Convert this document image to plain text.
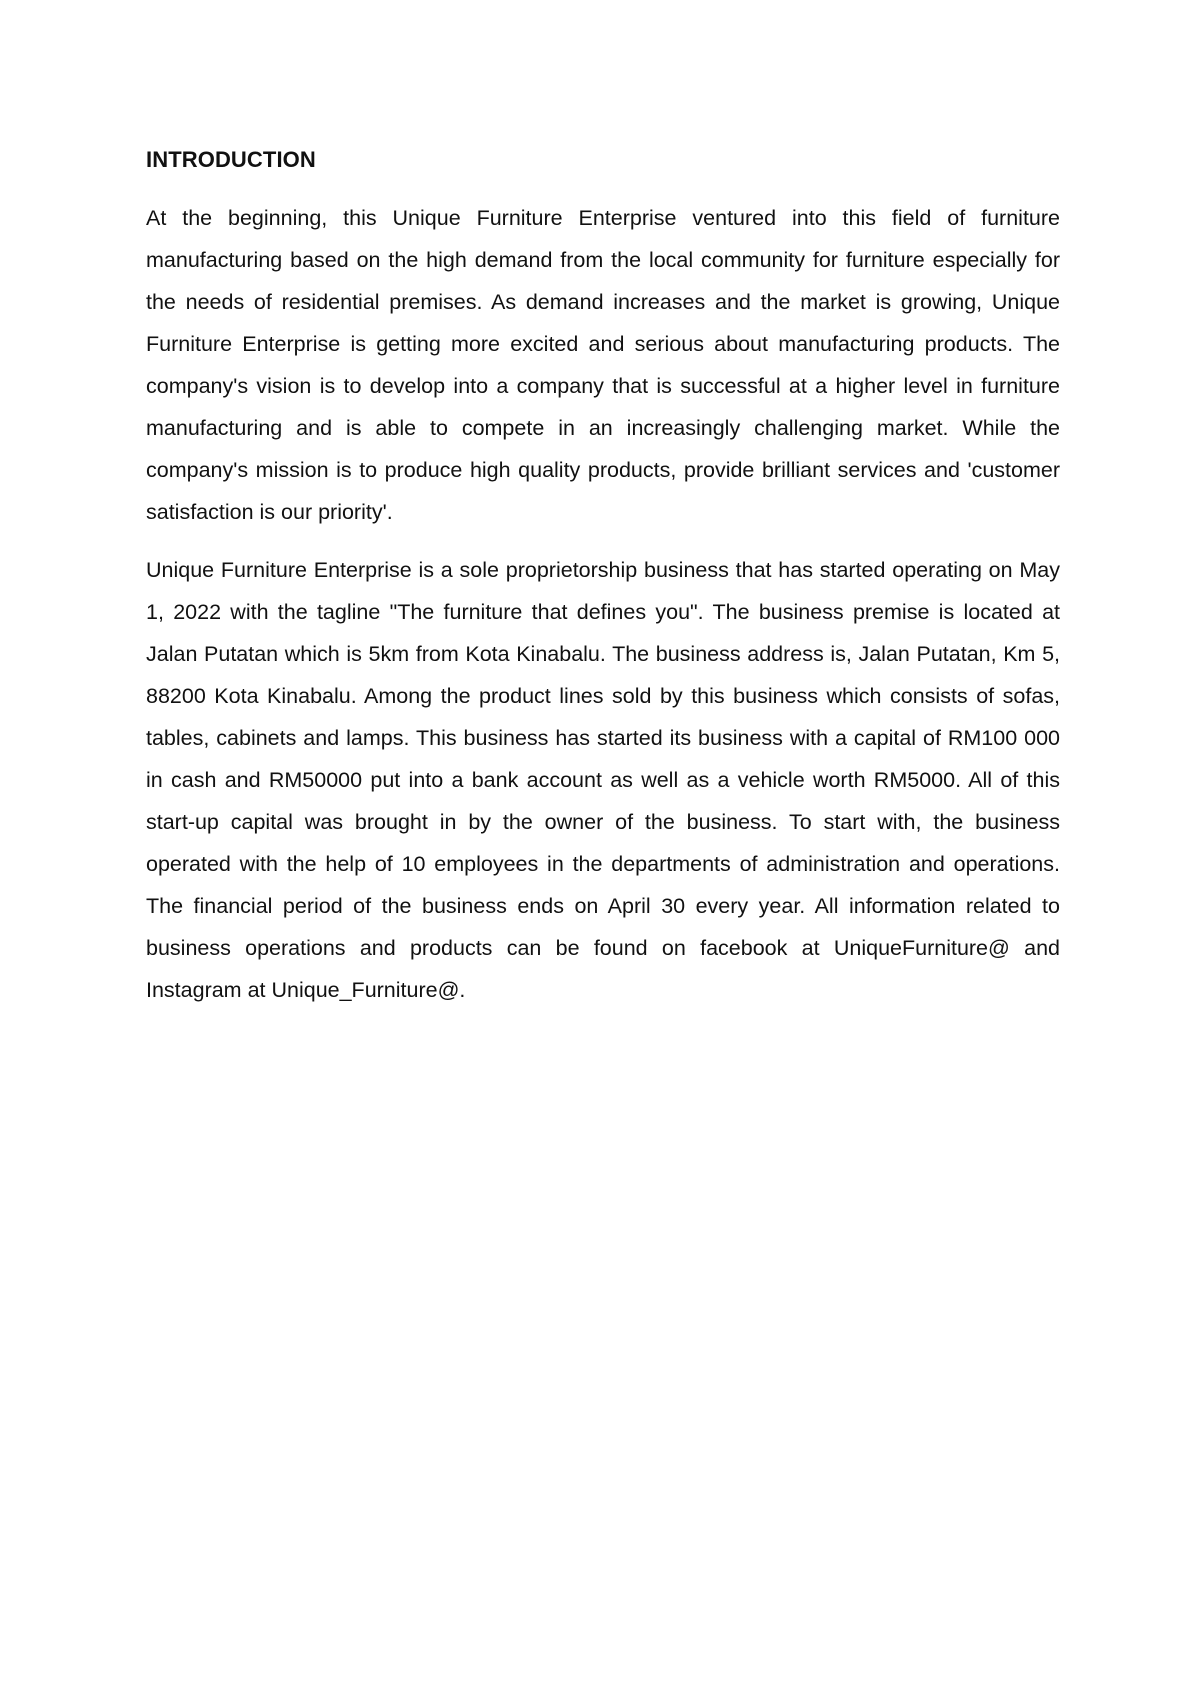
INTRODUCTION

At the beginning, this Unique Furniture Enterprise ventured into this field of furniture manufacturing based on the high demand from the local community for furniture especially for the needs of residential premises. As demand increases and the market is growing, Unique Furniture Enterprise is getting more excited and serious about manufacturing products. The company's vision is to develop into a company that is successful at a higher level in furniture manufacturing and is able to compete in an increasingly challenging market. While the company's mission is to produce high quality products, provide brilliant services and 'customer satisfaction is our priority'.

Unique Furniture Enterprise is a sole proprietorship business that has started operating on May 1, 2022 with the tagline "The furniture that defines you". The business premise is located at Jalan Putatan which is 5km from Kota Kinabalu. The business address is, Jalan Putatan, Km 5, 88200 Kota Kinabalu. Among the product lines sold by this business which consists of sofas, tables, cabinets and lamps. This business has started its business with a capital of RM100 000 in cash and RM50000 put into a bank account as well as a vehicle worth RM5000. All of this start-up capital was brought in by the owner of the business. To start with, the business operated with the help of 10 employees in the departments of administration and operations. The financial period of the business ends on April 30 every year. All information related to business operations and products can be found on facebook at UniqueFurniture@ and Instagram at Unique_Furniture@.
